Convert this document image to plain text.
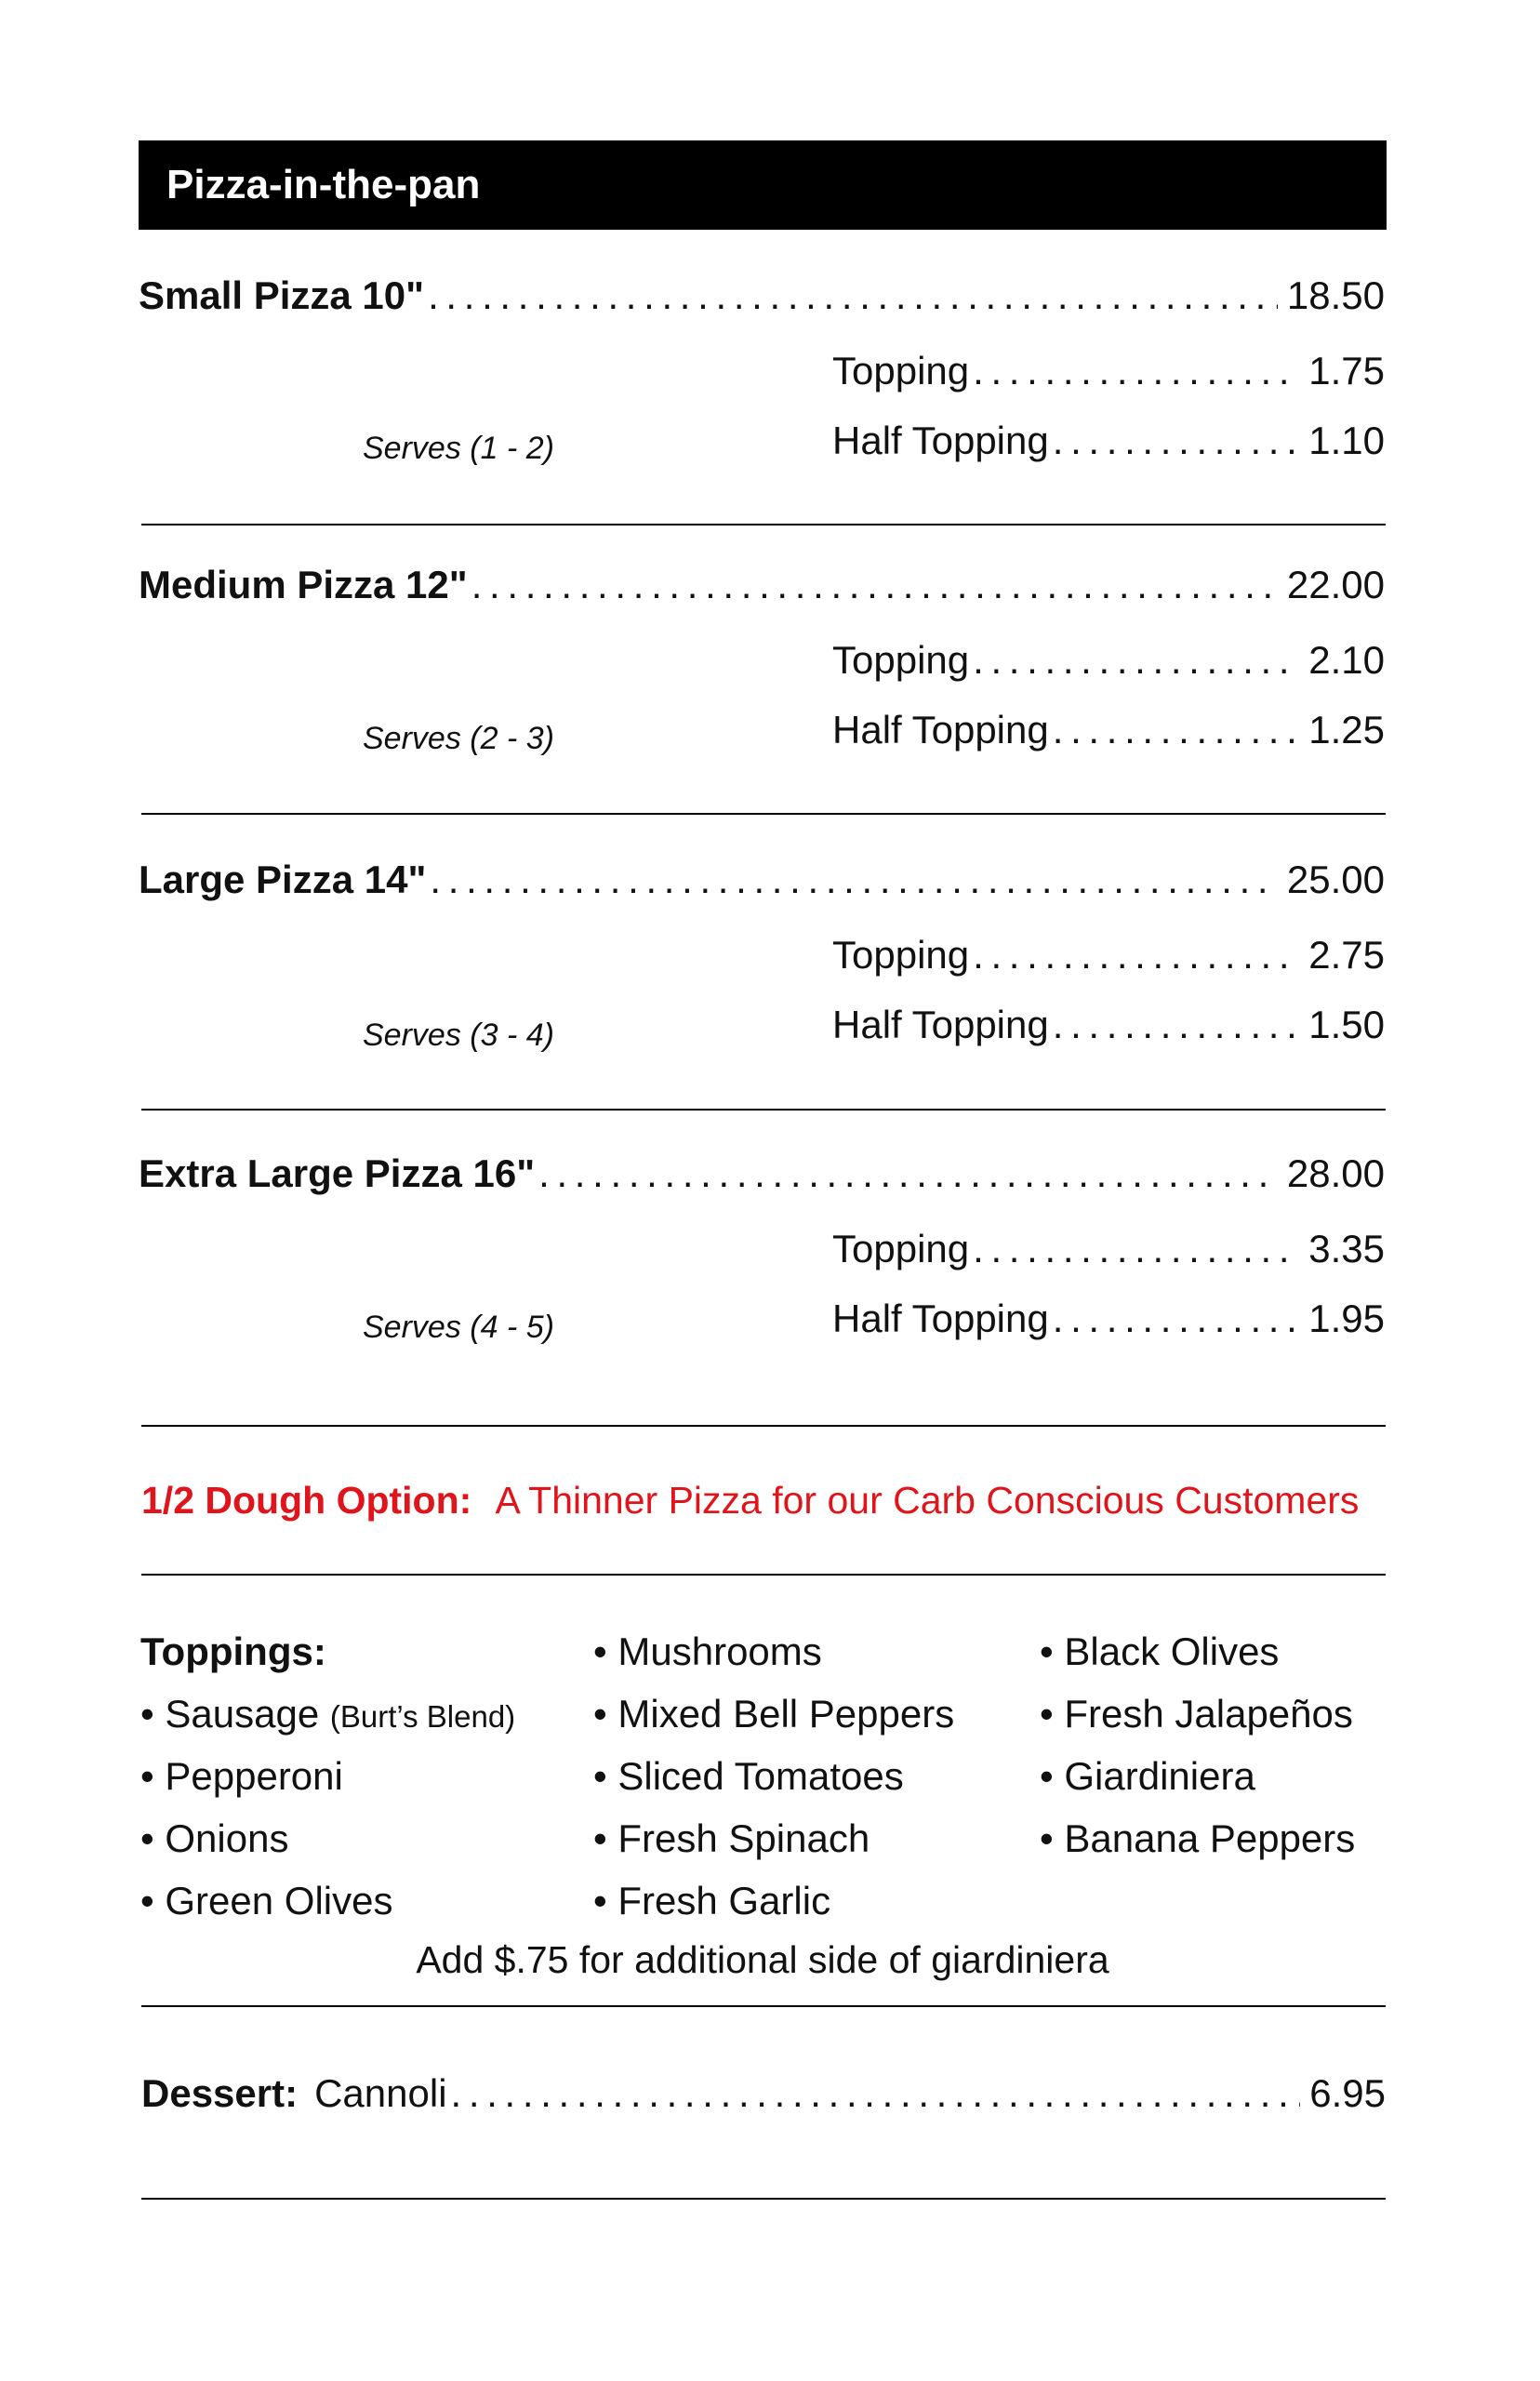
Pizza-in-the-pan
Small Pizza 10" . . .	18.50
Topping . . .	1.75
Serves (1 - 2)	Half Topping . . .	1.10
Medium Pizza 12" . . .	22.00
Topping . . .	2.10
Serves (2 - 3)	Half Topping . . .	1.25
Large Pizza 14" . . .	25.00
Topping . . .	2.75
Serves (3 - 4)	Half Topping . . .	1.50
Extra Large Pizza 16" . . .	28.00
Topping . . .	3.35
Serves (4 - 5)	Half Topping . . .	1.95
1/2 Dough Option: A Thinner Pizza for our Carb Conscious Customers
Toppings:
• Sausage (Burt’s Blend)
• Pepperoni
• Onions
• Green Olives
• Mushrooms
• Mixed Bell Peppers
• Sliced Tomatoes
• Fresh Spinach
• Fresh Garlic
• Black Olives
• Fresh Jalapeños
• Giardiniera
• Banana Peppers
Add $.75 for additional side of giardiniera
Dessert: Cannoli . . .	6.95
